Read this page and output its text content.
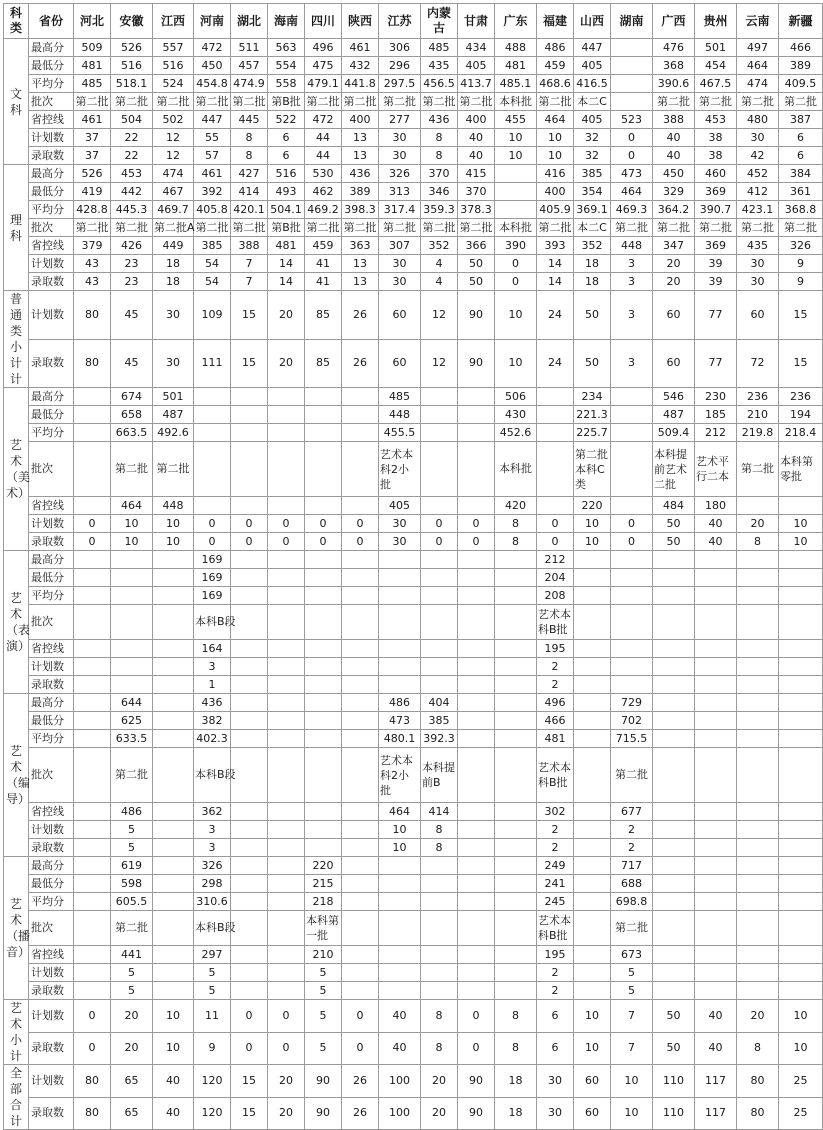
科类	省份	河北	安徽	江西	河南	湖北	海南	四川	陕西	江苏	内蒙古	甘肃	广东	福建	山西	湖南	广西	贵州	云南	新疆
文科	最高分	509	526	557	472	511	563	496	461	306	485	434	488	486	447		476	501	497	466
	最低分	481	516	516	450	457	554	475	432	296	435	405	481	459	405		368	454	464	389
	平均分	485	518.1	524	454.8	474.9	558	479.1	441.8	297.5	456.5	413.7	485.1	468.6	416.5		390.6	467.5	474	409.5
	批次	第二批	第二批	第二批	第二批	第二批	第B批	第二批	第二批	第二批	第二批	第二批	本科批	第二批	本二C		第二批	第二批	第二批	第二批
	省控线	461	504	502	447	445	522	472	400	277	436	400	455	464	405	523	388	453	480	387
	计划数	37	22	12	55	8	6	44	13	30	8	40	10	10	32	0	40	38	30	6
	录取数	37	22	12	57	8	6	44	13	30	8	40	10	10	32	0	40	38	42	6
理科	最高分	526	453	474	461	427	516	530	436	326	370	415		416	385	473	450	460	452	384
	最低分	419	442	467	392	414	493	462	389	313	346	370		400	354	464	329	369	412	361
	平均分	428.8	445.3	469.7	405.8	420.1	504.1	469.2	398.3	317.4	359.3	378.3		405.9	369.1	469.3	364.2	390.7	423.1	368.8
	批次	第二批	第二批	第二批A	第二批	第二批	第B批	第二批	第二批	第二批	第二批	第二批	本科批	第二批	本二C	第二批	第二批	第二批	第二批	第二批
	省控线	379	426	449	385	388	481	459	363	307	352	366	390	393	352	448	347	369	435	326
	计划数	43	23	18	54	7	14	41	13	30	4	50	0	14	18	3	20	39	30	9
	录取数	43	23	18	54	7	14	41	13	30	4	50	0	14	18	3	20	39	30	9
普通类小计计	计划数	80	45	30	109	15	20	85	26	60	12	90	10	24	50	3	60	77	60	15
	录取数	80	45	30	111	15	20	85	26	60	12	90	10	24	50	3	60	77	72	15
艺术（美术）	最高分		674	501						485			506		234		546	230	236	236
	最低分		658	487						448			430		221.3		487	185	210	194
	平均分		663.5	492.6						455.5			452.6		225.7		509.4	212	219.8	218.4
	批次		第二批	第二批						艺术本科2小批			本科批		第二批本科C类		本科提前艺术二批	艺术平行二本	第二批	本科第零批
	省控线		464	448						405			420		220		484	180		
	计划数	0	10	10	0	0	0	0	0	30	0	0	8	0	10	0	50	40	20	10
	录取数	0	10	10	0	0	0	0	0	30	0	0	8	0	10	0	50	40	8	10
艺术（表演）	最高分				169									212						
	最低分				169									204						
	平均分				169									208						
	批次				本科B段									艺术本科B批						
	省控线				164									195						
	计划数				3									2						
	录取数				1									2						
艺术（编导）	最高分		644		436					486	404			496		729				
	最低分		625		382					473	385			466		702				
	平均分		633.5		402.3					480.1	392.3			481		715.5				
	批次		第二批		本科B段					艺术本科2小批	本科提前B			艺术本科B批		第二批				
	省控线		486		362					464	414			302		677				
	计划数		5		3					10	8			2		2				
	录取数		5		3					10	8			2		2				
艺术（播音）	最高分		619		326			220						249		717				
	最低分		598		298			215						241		688				
	平均分		605.5		310.6			218						245		698.8				
	批次		第二批		本科B段			本科第一批						艺术本科B批		第二批				
	省控线		441		297			210						195		673				
	计划数		5		5			5						2		5				
	录取数		5		5			5						2		5				
艺术小计	计划数	0	20	10	11	0	0	5	0	40	8	0	8	6	10	7	50	40	20	10
	录取数	0	20	10	9	0	0	5	0	40	8	0	8	6	10	7	50	40	8	10
全部合计	计划数	80	65	40	120	15	20	90	26	100	20	90	18	30	60	10	110	117	80	25
	录取数	80	65	40	120	15	20	90	26	100	20	90	18	30	60	10	110	117	80	25
